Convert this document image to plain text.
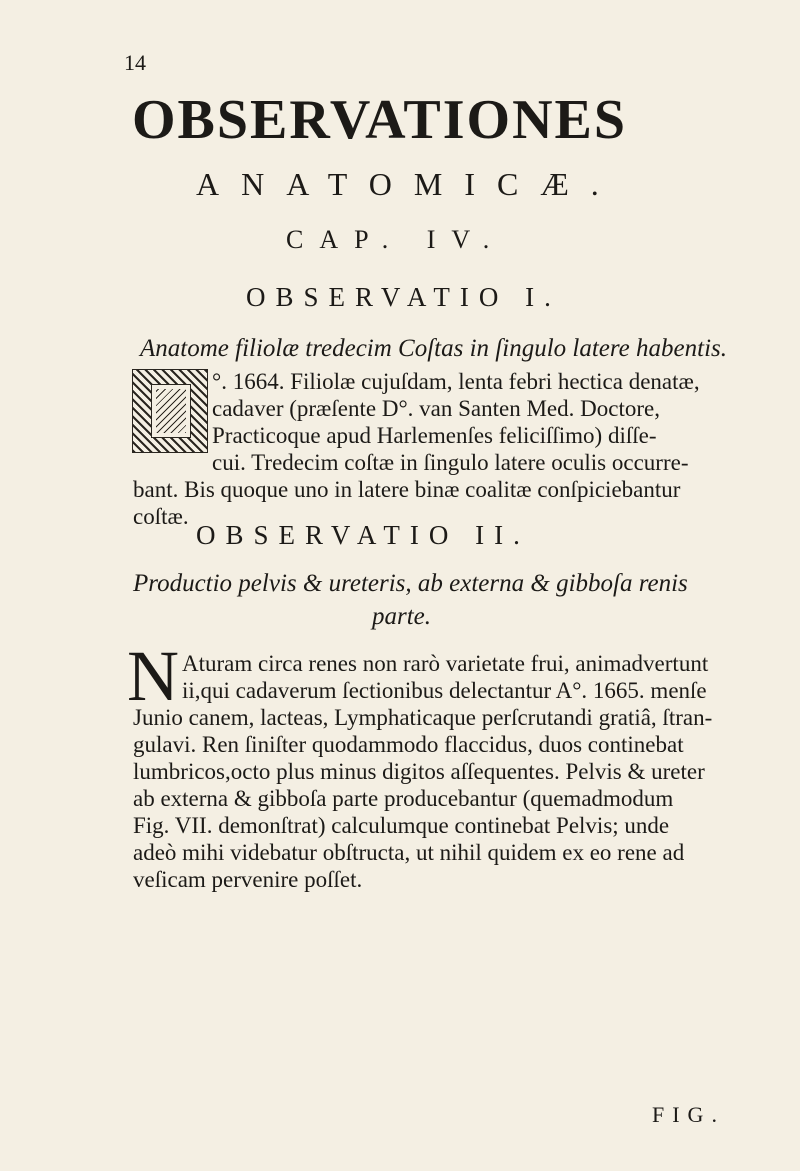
14
OBSERVATIONES
ANATOMICÆ.
CAP. IV.
OBSERVATIO I.
Anatome filiolæ tredecim Coſtas in ſingulo latere habentis.
°. 1664. Filiolæ cujuſdam, lenta febri hectica denatæ,
cadaver (præſente D°. van Santen Med. Doctore,
Practicoque apud Harlemenſes feliciſſimo) diſſe-
cui. Tredecim coſtæ in ſingulo latere oculis occurre-
bant. Bis quoque uno in latere binæ coalitæ conſpiciebantur
coſtæ.
OBSERVATIO II.
Productio pelvis & ureteris, ab externa & gibboſa renis
parte.
N Aturam circa renes non rarò varietate frui, animadvertunt
ii,qui cadaverum ſectionibus delectantur A°. 1665. menſe
Junio canem, lacteas, Lymphaticaque perſcrutandi gratiâ, ſtran-
gulavi. Ren ſiniſter quodammodo flaccidus, duos continebat
lumbricos,octo plus minus digitos aſſequentes. Pelvis & ureter
ab externa & gibboſa parte producebantur (quemadmodum
Fig. VII. demonſtrat) calculumque continebat Pelvis; unde
adeò mihi videbatur obſtructa, ut nihil quidem ex eo rene ad
veſicam pervenire poſſet.
FIG.
